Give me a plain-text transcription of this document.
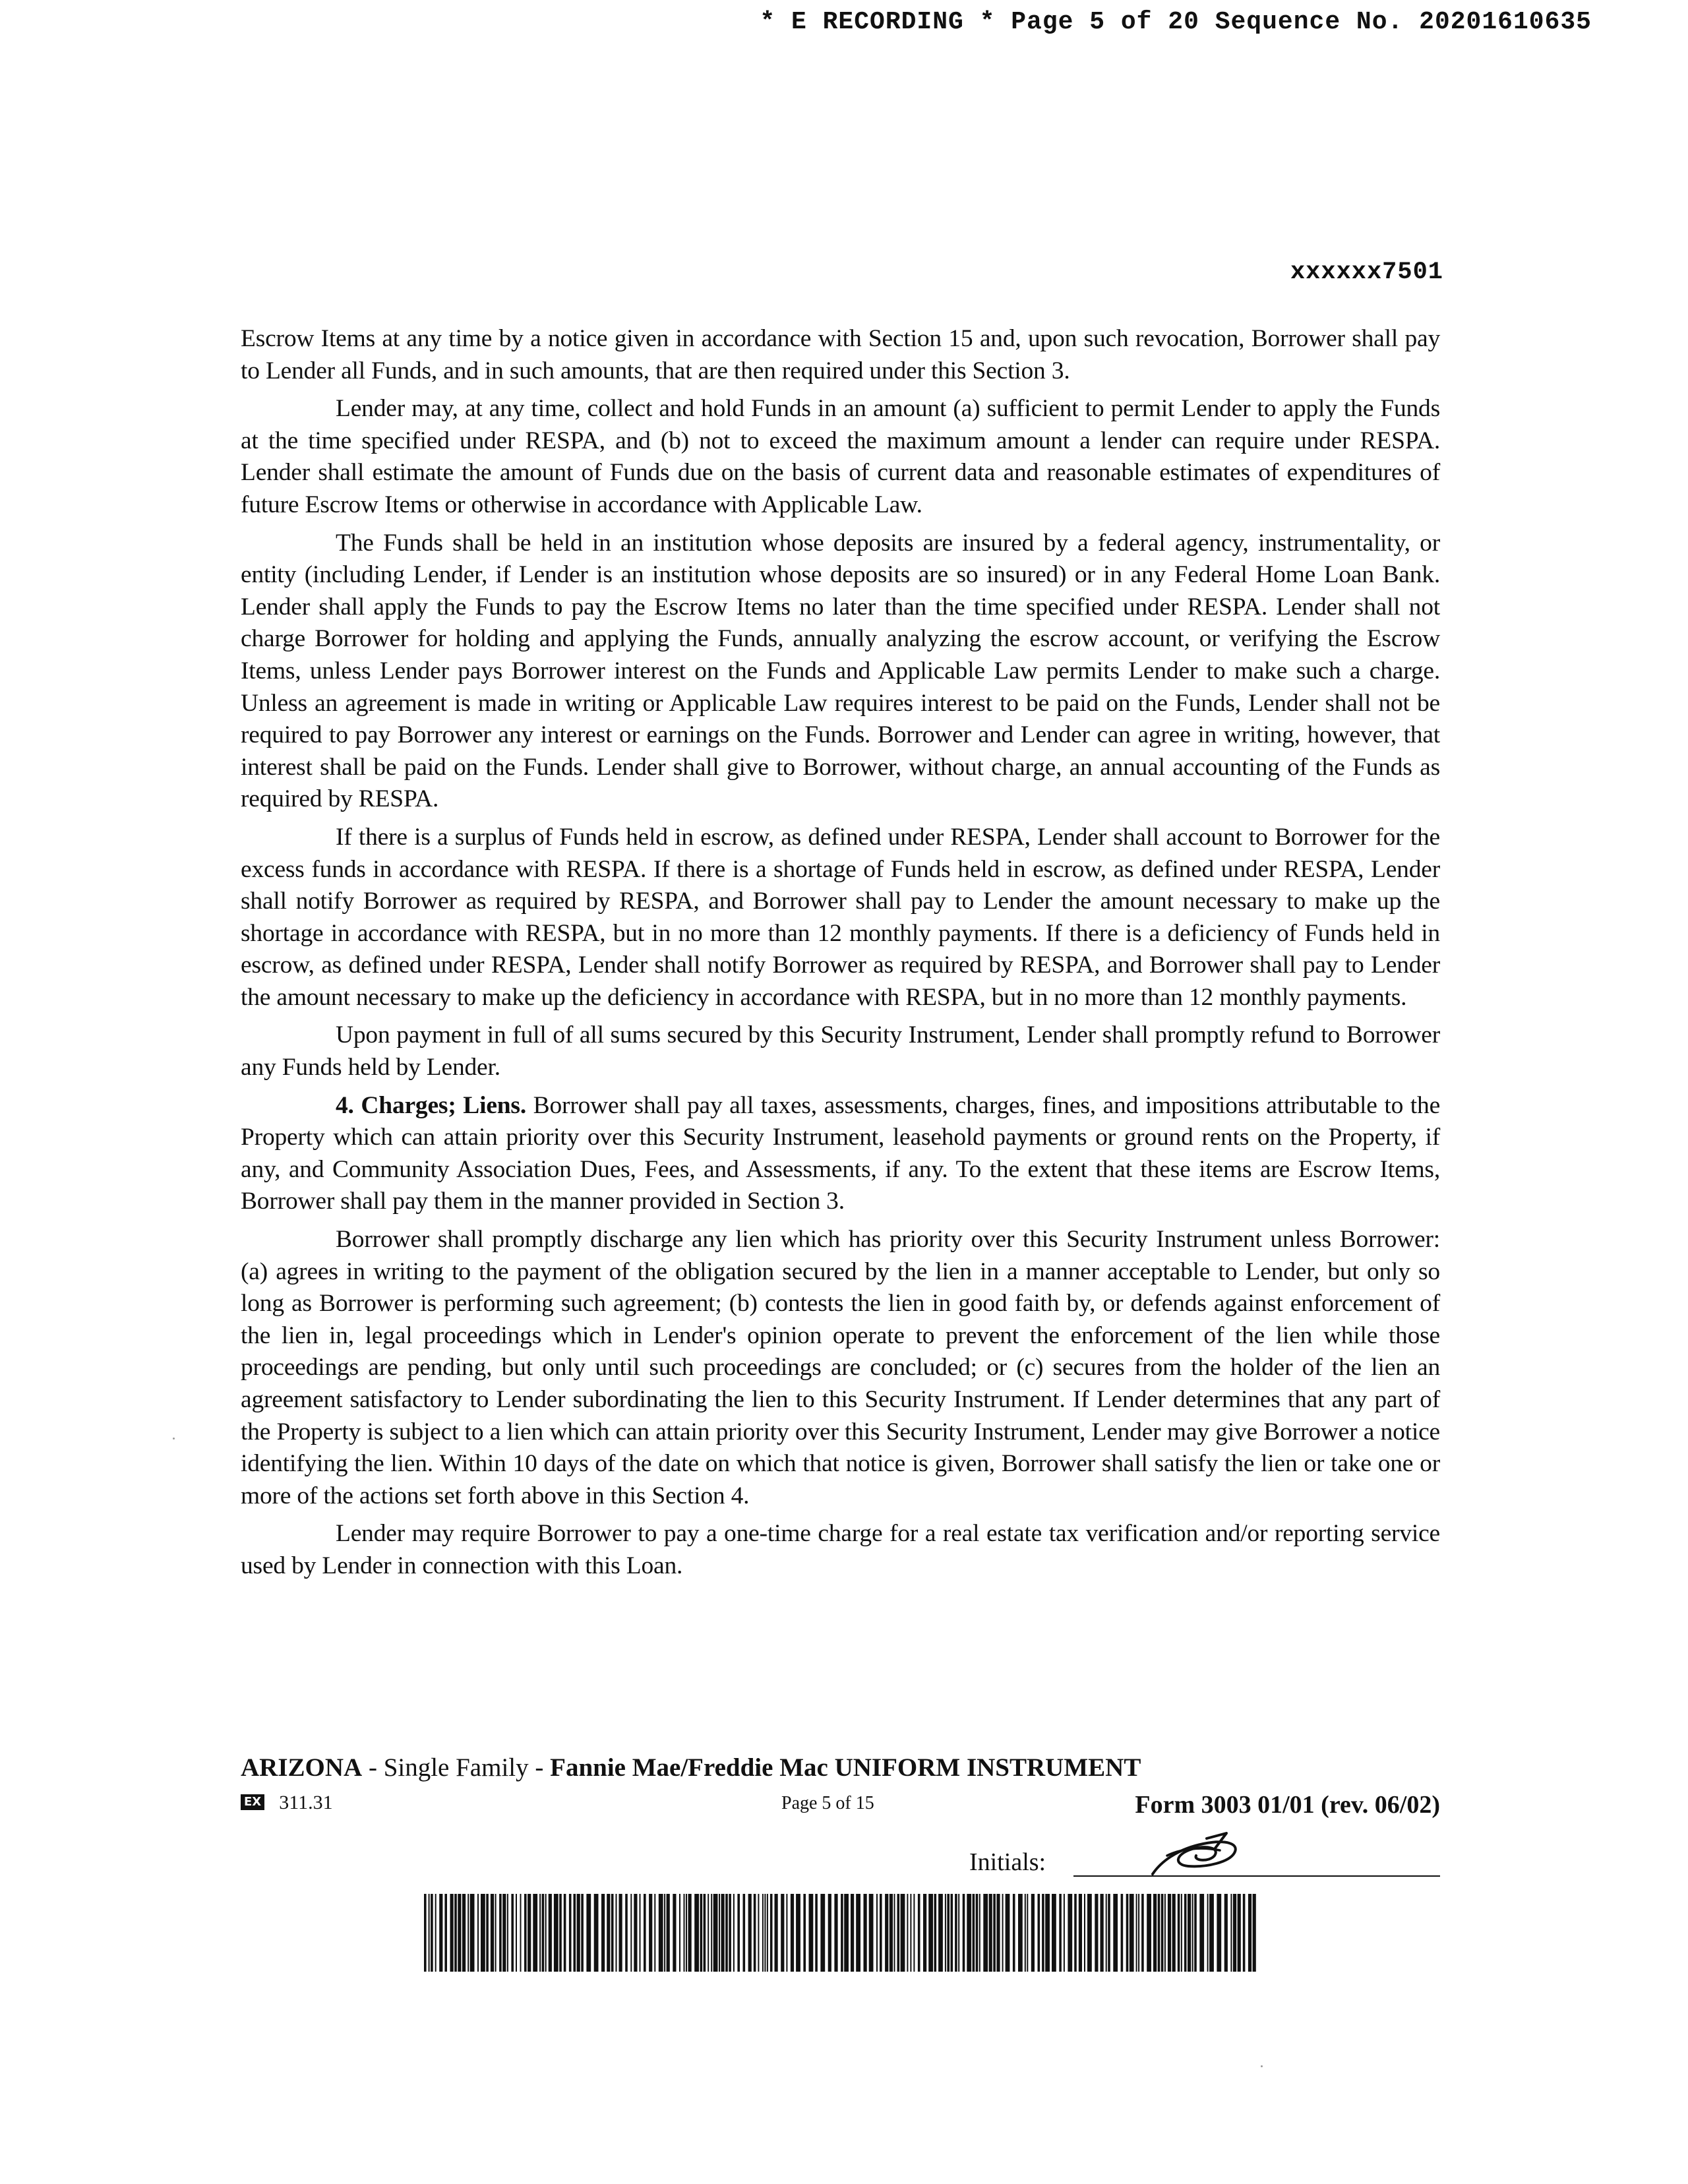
* E RECORDING * Page 5 of 20 Sequence No. 20201610635
xxxxxx7501

Escrow Items at any time by a notice given in accordance with Section 15 and, upon such revocation, Borrower shall pay to Lender all Funds, and in such amounts, that are then required under this Section 3.

Lender may, at any time, collect and hold Funds in an amount (a) sufficient to permit Lender to apply the Funds at the time specified under RESPA, and (b) not to exceed the maximum amount a lender can require under RESPA. Lender shall estimate the amount of Funds due on the basis of current data and reasonable estimates of expenditures of future Escrow Items or otherwise in accordance with Applicable Law.

The Funds shall be held in an institution whose deposits are insured by a federal agency, instrumentality, or entity (including Lender, if Lender is an institution whose deposits are so insured) or in any Federal Home Loan Bank. Lender shall apply the Funds to pay the Escrow Items no later than the time specified under RESPA. Lender shall not charge Borrower for holding and applying the Funds, annually analyzing the escrow account, or verifying the Escrow Items, unless Lender pays Borrower interest on the Funds and Applicable Law permits Lender to make such a charge. Unless an agreement is made in writing or Applicable Law requires interest to be paid on the Funds, Lender shall not be required to pay Borrower any interest or earnings on the Funds. Borrower and Lender can agree in writing, however, that interest shall be paid on the Funds. Lender shall give to Borrower, without charge, an annual accounting of the Funds as required by RESPA.

If there is a surplus of Funds held in escrow, as defined under RESPA, Lender shall account to Borrower for the excess funds in accordance with RESPA. If there is a shortage of Funds held in escrow, as defined under RESPA, Lender shall notify Borrower as required by RESPA, and Borrower shall pay to Lender the amount necessary to make up the shortage in accordance with RESPA, but in no more than 12 monthly payments. If there is a deficiency of Funds held in escrow, as defined under RESPA, Lender shall notify Borrower as required by RESPA, and Borrower shall pay to Lender the amount necessary to make up the deficiency in accordance with RESPA, but in no more than 12 monthly payments.

Upon payment in full of all sums secured by this Security Instrument, Lender shall promptly refund to Borrower any Funds held by Lender.

4. Charges; Liens. Borrower shall pay all taxes, assessments, charges, fines, and impositions attributable to the Property which can attain priority over this Security Instrument, leasehold payments or ground rents on the Property, if any, and Community Association Dues, Fees, and Assessments, if any. To the extent that these items are Escrow Items, Borrower shall pay them in the manner provided in Section 3.

Borrower shall promptly discharge any lien which has priority over this Security Instrument unless Borrower: (a) agrees in writing to the payment of the obligation secured by the lien in a manner acceptable to Lender, but only so long as Borrower is performing such agreement; (b) contests the lien in good faith by, or defends against enforcement of the lien in, legal proceedings which in Lender's opinion operate to prevent the enforcement of the lien while those proceedings are pending, but only until such proceedings are concluded; or (c) secures from the holder of the lien an agreement satisfactory to Lender subordinating the lien to this Security Instrument. If Lender determines that any part of the Property is subject to a lien which can attain priority over this Security Instrument, Lender may give Borrower a notice identifying the lien. Within 10 days of the date on which that notice is given, Borrower shall satisfy the lien or take one or more of the actions set forth above in this Section 4.

Lender may require Borrower to pay a one-time charge for a real estate tax verification and/or reporting service used by Lender in connection with this Loan.

ARIZONA - Single Family - Fannie Mae/Freddie Mac UNIFORM INSTRUMENT
EX 311.31	Page 5 of 15	Form 3003 01/01 (rev. 06/02)
Initials:
